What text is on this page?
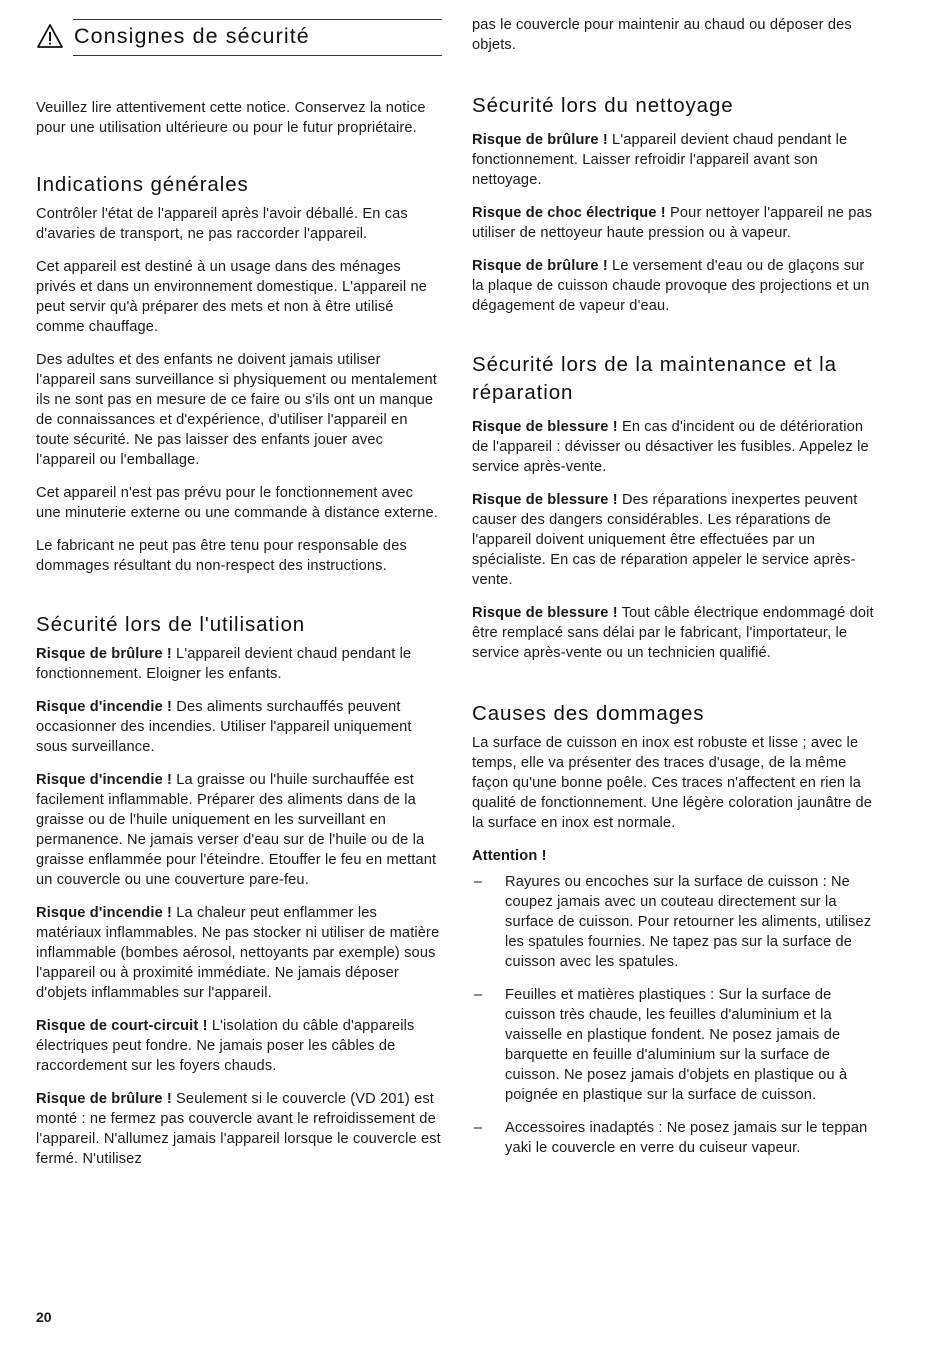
Consignes de sécurité

Veuillez lire attentivement cette notice. Conservez la notice pour une utilisation ultérieure ou pour le futur propriétaire.

Indications générales

Contrôler l'état de l'appareil après l'avoir déballé. En cas d'avaries de transport, ne pas raccorder l'appareil.

Cet appareil est destiné à un usage dans des ménages privés et dans un environnement domestique. L'appareil ne peut servir qu'à préparer des mets et non à être utilisé comme chauffage.

Des adultes et des enfants ne doivent jamais utiliser l'appareil sans surveillance si physiquement ou mentalement ils ne sont pas en mesure de ce faire ou s'ils ont un manque de connaissances et d'expérience, d'utiliser l'appareil en toute sécurité. Ne pas laisser des enfants jouer avec l'appareil ou l'emballage.

Cet appareil n'est pas prévu pour le fonctionnement avec une minuterie externe ou une commande à distance externe.

Le fabricant ne peut pas être tenu pour responsable des dommages résultant du non-respect des instructions.

Sécurité lors de l'utilisation

Risque de brûlure ! L'appareil devient chaud pendant le fonctionnement. Eloigner les enfants.

Risque d'incendie ! Des aliments surchauffés peuvent occasionner des incendies. Utiliser l'appareil uniquement sous surveillance.

Risque d'incendie ! La graisse ou l'huile surchauffée est facilement inflammable. Préparer des aliments dans de la graisse ou de l'huile uniquement en les surveillant en permanence. Ne jamais verser d'eau sur de l'huile ou de la graisse enflammée pour l'éteindre. Etouffer le feu en mettant un couvercle ou une couverture pare-feu.

Risque d'incendie ! La chaleur peut enflammer les matériaux inflammables. Ne pas stocker ni utiliser de matière inflammable (bombes aérosol, nettoyants par exemple) sous l'appareil ou à proximité immédiate. Ne jamais déposer d'objets inflammables sur l'appareil.

Risque de court-circuit ! L'isolation du câble d'appareils électriques peut fondre. Ne jamais poser les câbles de raccordement sur les foyers chauds.

Risque de brûlure ! Seulement si le couvercle (VD 201) est monté : ne fermez pas couvercle avant le refroidissement de l'appareil. N'allumez jamais l'appareil lorsque le couvercle est fermé. N'utilisez

pas le couvercle pour maintenir au chaud ou déposer des objets.

Sécurité lors du nettoyage

Risque de brûlure ! L'appareil devient chaud pendant le fonctionnement. Laisser refroidir l'appareil avant son nettoyage.

Risque de choc électrique ! Pour nettoyer l'appareil ne pas utiliser de nettoyeur haute pression ou à vapeur.

Risque de brûlure ! Le versement d'eau ou de glaçons sur la plaque de cuisson chaude provoque des projections et un dégagement de vapeur d'eau.

Sécurité lors de la maintenance et la réparation

Risque de blessure ! En cas d'incident ou de détérioration de l'appareil : dévisser ou désactiver les fusibles. Appelez le service après-vente.

Risque de blessure ! Des réparations inexpertes peuvent causer des dangers considérables. Les réparations de l'appareil doivent uniquement être effectuées par un spécialiste. En cas de réparation appeler le service après-vente.

Risque de blessure ! Tout câble électrique endommagé doit être remplacé sans délai par le fabricant, l'importateur, le service après-vente ou un technicien qualifié.

Causes des dommages

La surface de cuisson en inox est robuste et lisse ; avec le temps, elle va présenter des traces d'usage, de la même façon qu'une bonne poêle. Ces traces n'affectent en rien la qualité de fonctionnement. Une légère coloration jaunâtre de la surface en inox est normale.

Attention !

– Rayures ou encoches sur la surface de cuisson : Ne coupez jamais avec un couteau directement sur la surface de cuisson. Pour retourner les aliments, utilisez les spatules fournies. Ne tapez pas sur la surface de cuisson avec les spatules.
– Feuilles et matières plastiques : Sur la surface de cuisson très chaude, les feuilles d'aluminium et la vaisselle en plastique fondent. Ne posez jamais de barquette en feuille d'aluminium sur la surface de cuisson. Ne posez jamais d'objets en plastique ou à poignée en plastique sur la surface de cuisson.
– Accessoires inadaptés : Ne posez jamais sur le teppan yaki le couvercle en verre du cuiseur vapeur.
20
